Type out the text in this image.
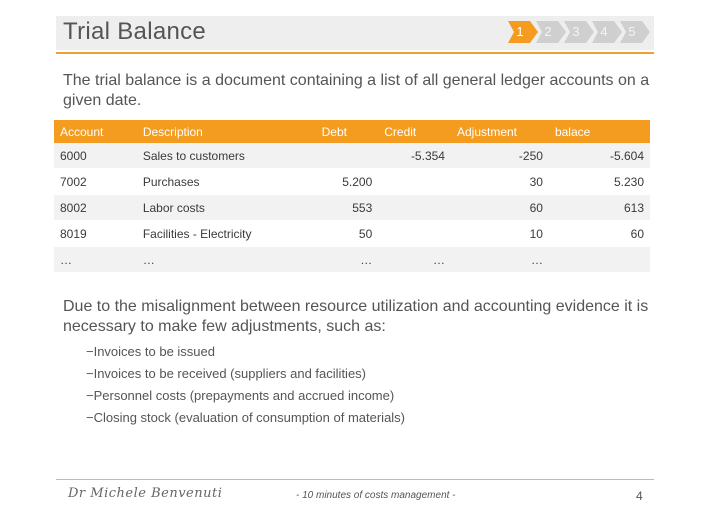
Trial Balance	1	2	3	4	5
The trial balance is a document containing a list of all general ledger accounts on a given date.
Account	Description	Debt	Credit	Adjustment	balace
6000	Sales to customers		-5.354	-250	-5.604
7002	Purchases	5.200		30	5.230
8002	Labor costs	553		60	613
8019	Facilities - Electricity	50		10	60
…	…	…	…	…	
Due to the misalignment between resource utilization and accounting evidence it is necessary to make few adjustments, such as:
−Invoices to be issued
−Invoices to be received (suppliers and facilities)
−Personnel costs (prepayments and accrued income)
−Closing stock (evaluation of consumption of materials)
Dr Michele Benvenuti	- 10 minutes of costs management -	4
